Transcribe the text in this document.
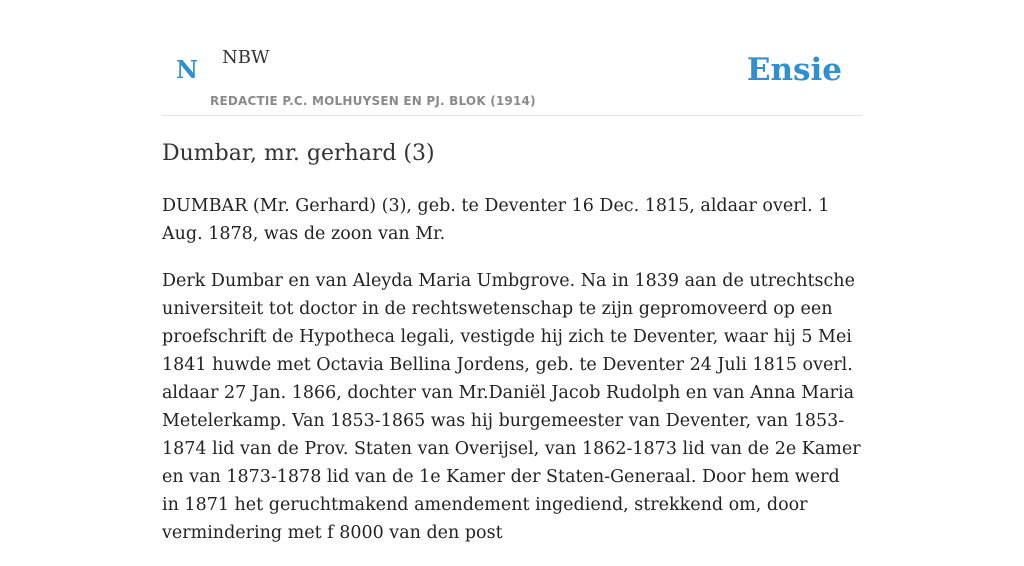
N NBW
REDACTIE P.C. MOLHUYSEN EN PJ. BLOK (1914)
Ensie
Dumbar, mr. gerhard (3)

DUMBAR (Mr. Gerhard) (3), geb. te Deventer 16 Dec. 1815, aldaar overl. 1 Aug. 1878, was de zoon van Mr.

Derk Dumbar en van Aleyda Maria Umbgrove. Na in 1839 aan de utrechtsche universiteit tot doctor in de rechtswetenschap te zijn gepromoveerd op een proefschrift de Hypotheca legali, vestigde hij zich te Deventer, waar hij 5 Mei 1841 huwde met Octavia Bellina Jordens, geb. te Deventer 24 Juli 1815 overl. aldaar 27 Jan. 1866, dochter van Mr.Daniël Jacob Rudolph en van Anna Maria Metelerkamp. Van 1853-1865 was hij burgemeester van Deventer, van 1853-1874 lid van de Prov. Staten van Overijsel, van 1862-1873 lid van de 2e Kamer en van 1873-1878 lid van de 1e Kamer der Staten-Generaal. Door hem werd in 1871 het geruchtmakend amendement ingediend, strekkend om, door vermindering met f 8000 van den post
